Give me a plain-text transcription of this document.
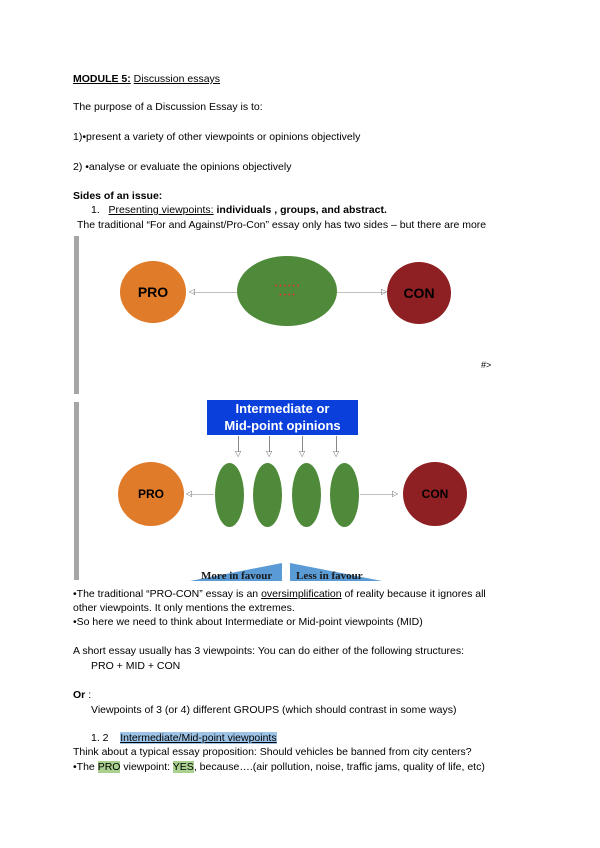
MODULE 5: Discussion essays
The purpose of a Discussion Essay is to:
1)•present a variety of other viewpoints or opinions objectively
2) •analyse or evaluate the opinions objectively
Sides of an issue:
1. Presenting viewpoints: individuals , groups, and abstract.
The traditional “For and Against/Pro-Con” essay only has two sides – but there are more
◁	▷
PRO	• • • • • •
• • • •	CON
#>
Intermediate or
Mid-point opinions
▽	▽	▽	▽
◁	▷
PRO	CON
More in favour Less in favour
•The traditional “PRO-CON” essay is an oversimplification of reality because it ignores all
other viewpoints. It only mentions the extremes.
•So here we need to think about Intermediate or Mid-point viewpoints (MID)
A short essay usually has 3 viewpoints: You can do either of the following structures:
PRO + MID + CON
Or :
Viewpoints of 3 (or 4) different GROUPS (which should contrast in some ways)
1. 2 Intermediate/Mid-point viewpoints
Think about a typical essay proposition: Should vehicles be banned from city centers?
•The PRO viewpoint: YES, because….(air pollution, noise, traffic jams, quality of life, etc)
